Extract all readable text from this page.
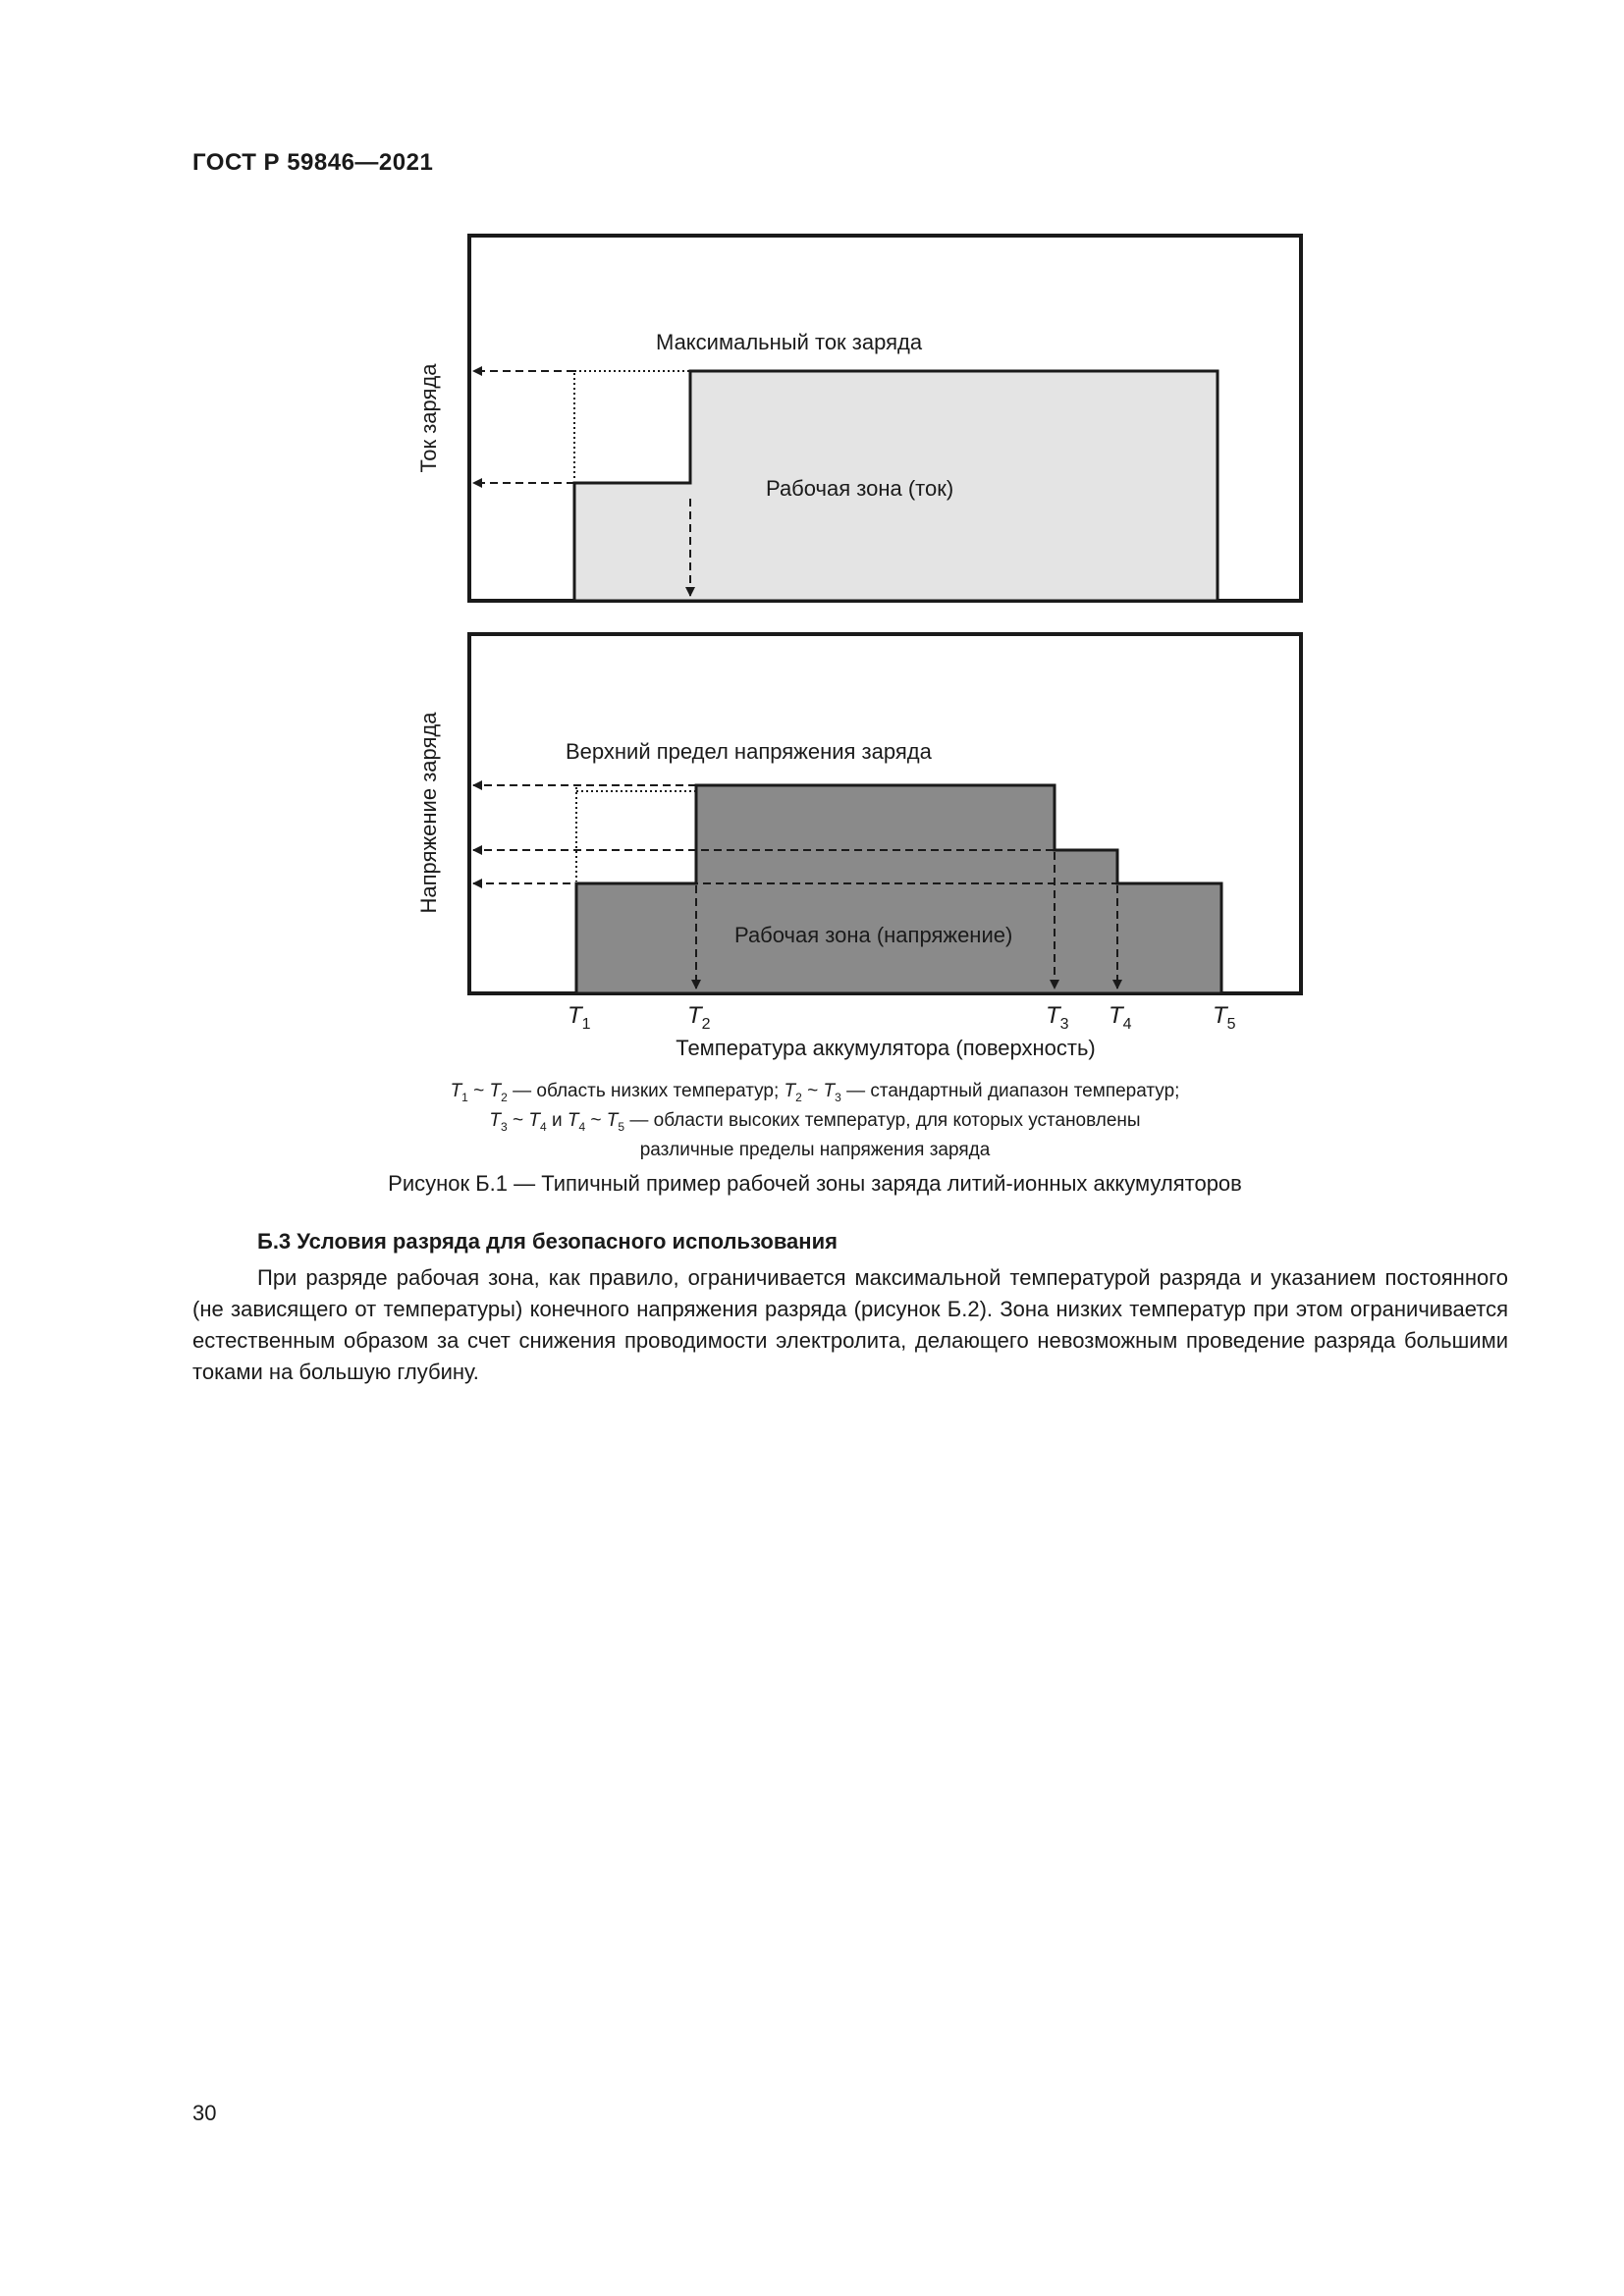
ГОСТ Р 59846—2021
Максимальный ток заряда
Рабочая зона (ток)
Ток заряда
Верхний предел напряжения заряда
Рабочая зона (напряжение)
Напряжение заряда
$T_1$	$T_2$	$T_3$ $T_4$	$T_5$
Температура аккумулятора (поверхность)
$T_1$ ~ $T_2$ — область низких температур; $T_2$ ~ $T_3$ — стандартный диапазон температур;
$T_3$ ~ $T_4$ и $T_4$ ~ $T_5$ — области высоких температур, для которых установлены
различные пределы напряжения заряда
Рисунок Б.1 — Типичный пример рабочей зоны заряда литий-ионных аккумуляторов
Б.3 Условия разряда для безопасного использования
При разряде рабочая зона, как правило, ограничивается максимальной температурой разряда и указанием постоянного (не зависящего от температуры) конечного напряжения разряда (рисунок Б.2). Зона низких температур при этом ограничивается естественным образом за счет снижения проводимости электролита, делающего невозможным проведение разряда большими токами на большую глубину.
30
